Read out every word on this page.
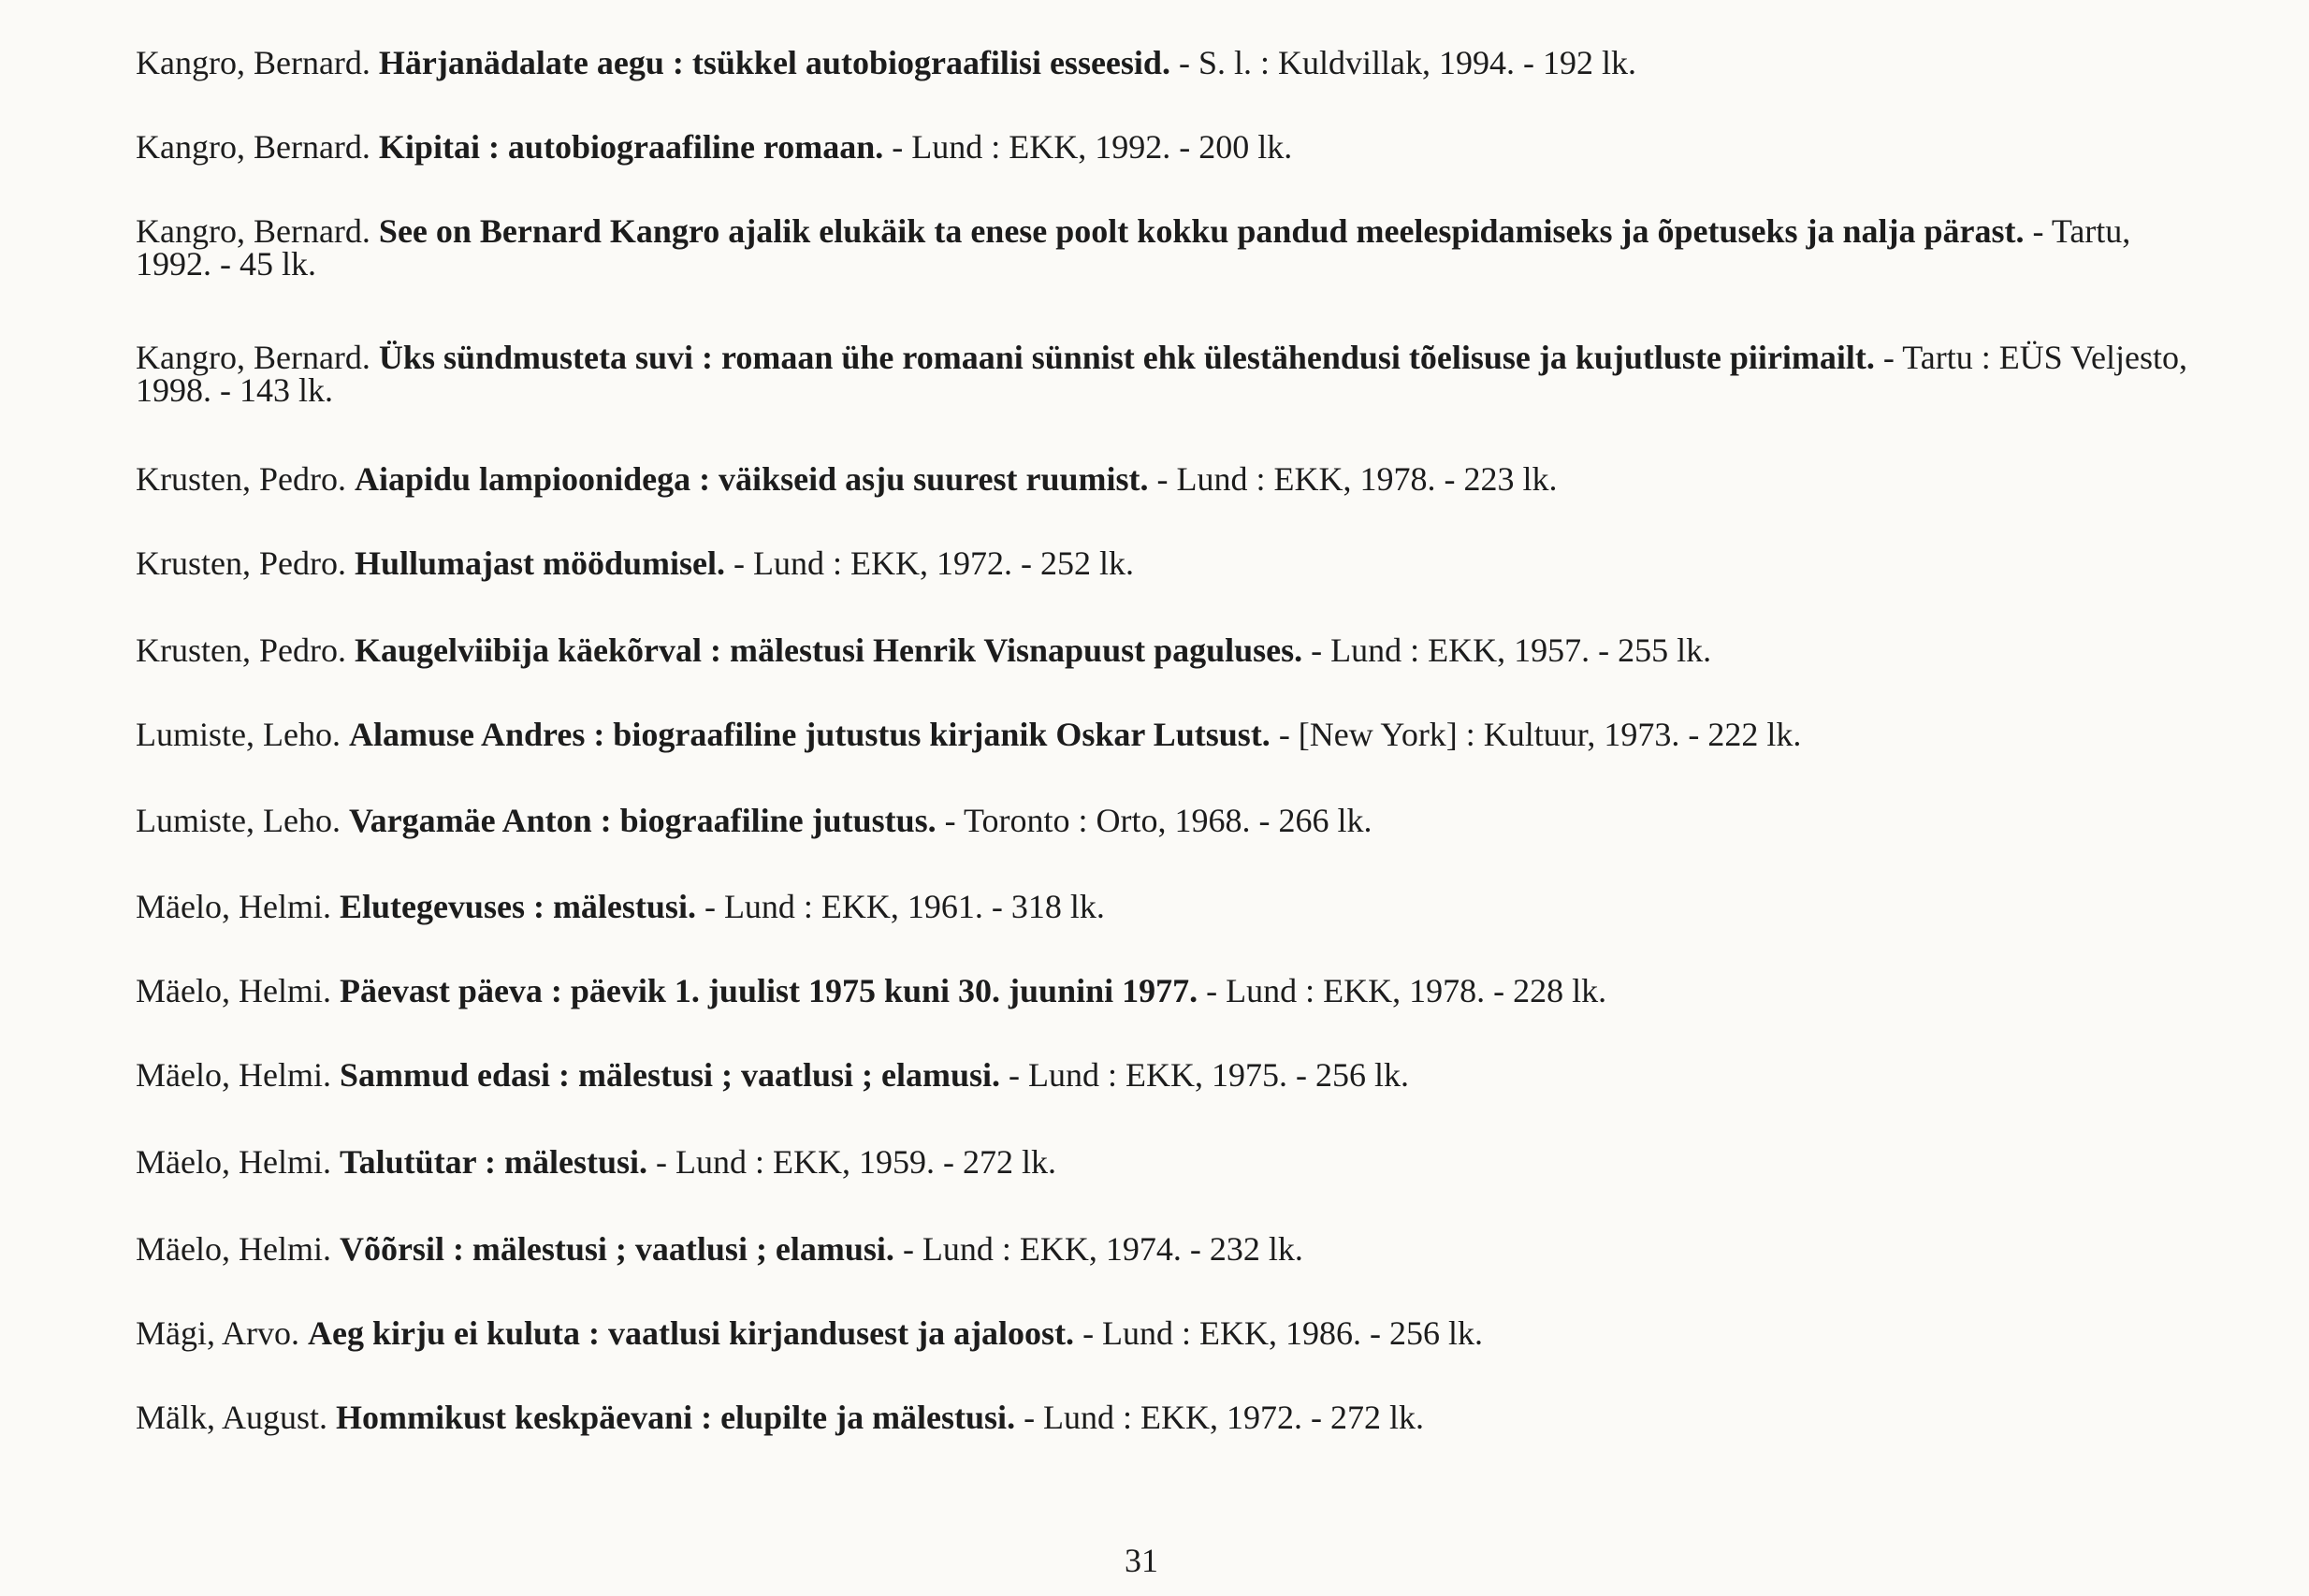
Kangro, Bernard. Härjanädalate aegu : tsükkel autobiograafilisi esseesid. - S. l. : Kuldvillak, 1994. - 192 lk.
Kangro, Bernard. Kipitai : autobiograafiline romaan. - Lund : EKK, 1992. - 200 lk.
Kangro, Bernard. See on Bernard Kangro ajalik elukäik ta enese poolt kokku pandud meelespidamiseks ja õpetuseks ja nalja pärast. - Tartu, 1992. - 45 lk.
Kangro, Bernard. Üks sündmusteta suvi : romaan ühe romaani sünnist ehk ülestähendusi tõelisuse ja kujutluste piirimailt. - Tartu : EÜS Veljesto, 1998. - 143 lk.
Krusten, Pedro. Aiapidu lampioonidega : väikseid asju suurest ruumist. - Lund : EKK, 1978. - 223 lk.
Krusten, Pedro. Hullumajast möödumisel. - Lund : EKK, 1972. - 252 lk.
Krusten, Pedro. Kaugelviibija käekõrval : mälestusi Henrik Visnapuust paguluses. - Lund : EKK, 1957. - 255 lk.
Lumiste, Leho. Alamuse Andres : biograafiline jutustus kirjanik Oskar Lutsust. - [New York] : Kultuur, 1973. - 222 lk.
Lumiste, Leho. Vargamäe Anton : biograafiline jutustus. - Toronto : Orto, 1968. - 266 lk.
Mäelo, Helmi. Elutegevuses : mälestusi. - Lund : EKK, 1961. - 318 lk.
Mäelo, Helmi. Päevast päeva : päevik 1. juulist 1975 kuni 30. juunini 1977. - Lund : EKK, 1978. - 228 lk.
Mäelo, Helmi. Sammud edasi : mälestusi ; vaatlusi ; elamusi. - Lund : EKK, 1975. - 256 lk.
Mäelo, Helmi. Talutütar : mälestusi. - Lund : EKK, 1959. - 272 lk.
Mäelo, Helmi. Võõrsil : mälestusi ; vaatlusi ; elamusi. - Lund : EKK, 1974. - 232 lk.
Mägi, Arvo. Aeg kirju ei kuluta : vaatlusi kirjandusest ja ajaloost. - Lund : EKK, 1986. - 256 lk.
Mälk, August. Hommikust keskpäevani : elupilte ja mälestusi. - Lund : EKK, 1972. - 272 lk.
31
